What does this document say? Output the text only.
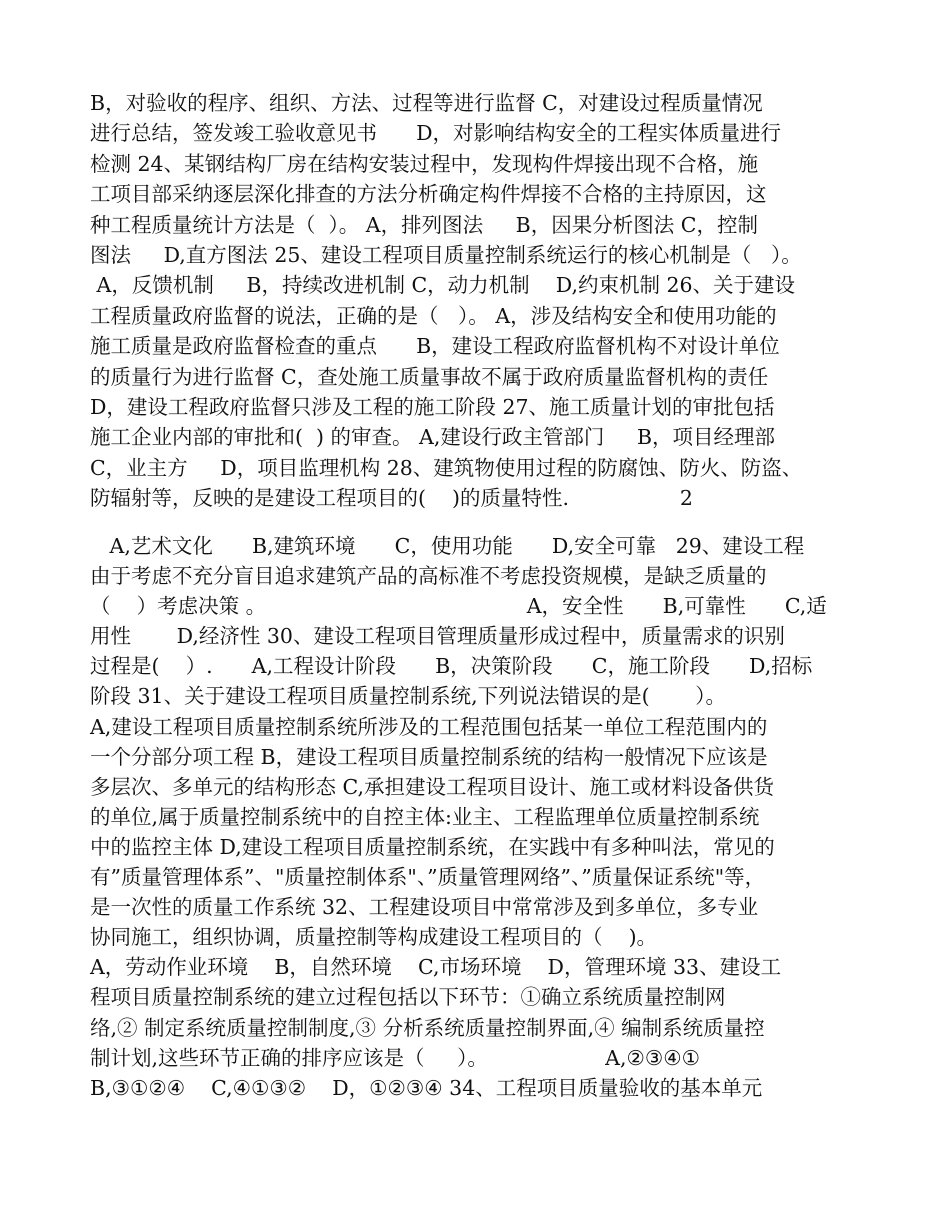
B，对验收的程序、组织、方法、过程等进行监督 C，对建设过程质量情况
进行总结，签发竣工验收意见书      D，对影响结构安全的工程实体质量进行
检测 24、某钢结构厂房在结构安装过程中，发现构件焊接出现不合格，施
工项目部采纳逐层深化排查的方法分析确定构件焊接不合格的主持原因，这
种工程质量统计方法是（  ）。 A，排列图法     B，因果分析图法 C，控制
图法     D,直方图法 25、建设工程项目质量控制系统运行的核心机制是（   ）。
A，反馈机制     B，持续改进机制 C，动力机制    D,约束机制 26、关于建设
工程质量政府监督的说法，正确的是（   ）。 A，涉及结构安全和使用功能的
施工质量是政府监督检查的重点      B，建设工程政府监督机构不对设计单位
的质量行为进行监督 C，查处施工质量事故不属于政府质量监督机构的责任
D，建设工程政府监督只涉及工程的施工阶段 27、施工质量计划的审批包括
施工企业内部的审批和(  ) 的审查。 A,建设行政主管部门     B，项目经理部
C，业主方     D，项目监理机构 28、建筑物使用过程的防腐蚀、防火、防盗、
防辐射等，反映的是建设工程项目的(    )的质量特性.                 2
A,艺术文化      B,建筑环境      C，使用功能      D,安全可靠   29、建设工程
由于考虑不充分盲目追求建筑产品的高标准不考虑投资规模，是缺乏质量的
（    ）考虑决策 。                                        A，安全性      B,可靠性      C,适
用性       D,经济性 30、建设工程项目管理质量形成过程中，质量需求的识别
过程是(    ）.      A,工程设计阶段      B，决策阶段      C，施工阶段      D,招标
阶段 31、关于建设工程项目质量控制系统,下列说法错误的是(       ）。
A,建设工程项目质量控制系统所涉及的工程范围包括某一单位工程范围内的
一个分部分项工程 B，建设工程项目质量控制系统的结构一般情况下应该是
多层次、多单元的结构形态 C,承担建设工程项目设计、施工或材料设备供货
的单位,属于质量控制系统中的自控主体:业主、工程监理单位质量控制系统
中的监控主体 D,建设工程项目质量控制系统，在实践中有多种叫法，常见的
有”质量管理体系”、"质量控制体系"、”质量管理网络”、”质量保证系统"等，
是一次性的质量工作系统 32、工程建设项目中常常涉及到多单位，多专业
协同施工，组织协调，质量控制等构成建设工程项目的（    )。
A，劳动作业环境    B，自然环境    C,市场环境    D，管理环境 33、建设工
程项目质量控制系统的建立过程包括以下环节：①确立系统质量控制网
络,② 制定系统质量控制制度,③ 分析系统质量控制界面,④ 编制系统质量控
制计划,这些环节正确的排序应该是（     ）。                  A,②③④①
B,③①②④    C,④①③②    D，①②③④ 34、工程项目质量验收的基本单元
